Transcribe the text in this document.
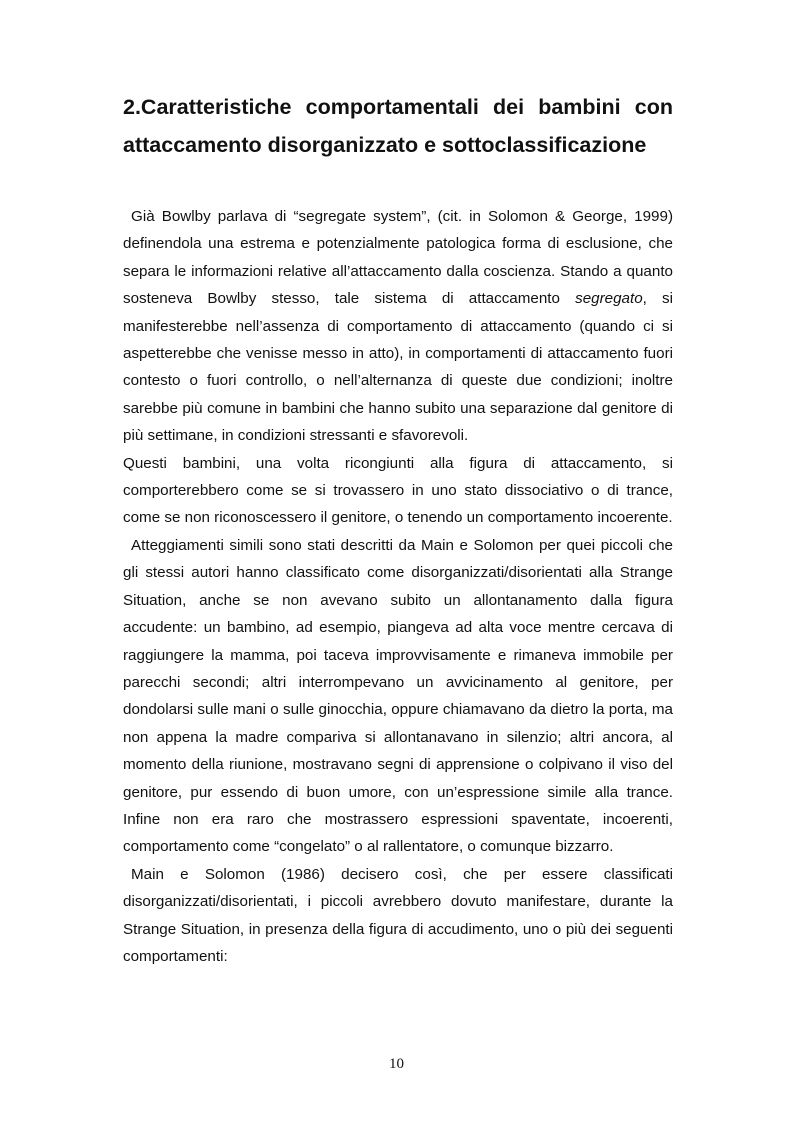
2.Caratteristiche comportamentali dei bambini con attaccamento disorganizzato e sottoclassificazione

Già Bowlby parlava di “segregate system”, (cit. in Solomon & George, 1999) definendola una estrema e potenzialmente patologica forma di esclusione, che separa le informazioni relative all’attaccamento dalla coscienza. Stando a quanto sosteneva Bowlby stesso, tale sistema di attaccamento segregato, si manifesterebbe nell’assenza di comportamento di attaccamento (quando ci si aspetterebbe che venisse messo in atto), in comportamenti di attaccamento fuori contesto o fuori controllo, o nell’alternanza di queste due condizioni; inoltre sarebbe più comune in bambini che hanno subito una separazione dal genitore di più settimane, in condizioni stressanti e sfavorevoli.

Questi bambini, una volta ricongiunti alla figura di attaccamento, si comporterebbero come se si trovassero in uno stato dissociativo o di trance, come se non riconoscessero il genitore, o tenendo un comportamento incoerente.

Atteggiamenti simili sono stati descritti da Main e Solomon per quei piccoli che gli stessi autori hanno classificato come disorganizzati/disorientati alla Strange Situation, anche se non avevano subito un allontanamento dalla figura accudente: un bambino, ad esempio, piangeva ad alta voce mentre cercava di raggiungere la mamma, poi taceva improvvisamente e rimaneva immobile per parecchi secondi; altri interrompevano un avvicinamento al genitore, per dondolarsi sulle mani o sulle ginocchia, oppure chiamavano da dietro la porta, ma non appena la madre compariva si allontanavano in silenzio; altri ancora, al momento della riunione, mostravano segni di apprensione o colpivano il viso del genitore, pur essendo di buon umore, con un’espressione simile alla trance. Infine non era raro che mostrassero espressioni spaventate, incoerenti, comportamento come “congelato” o al rallentatore, o comunque bizzarro.

Main e Solomon (1986) decisero così, che per essere classificati disorganizzati/disorientati, i piccoli avrebbero dovuto manifestare, durante la Strange Situation, in presenza della figura di accudimento, uno o più dei seguenti comportamenti:

10
